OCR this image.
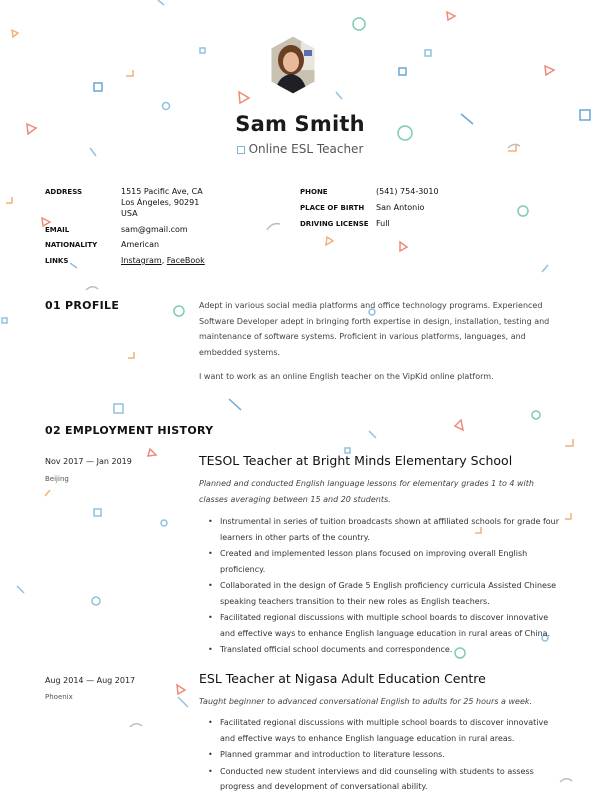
Sam Smith
Online ESL Teacher
ADDRESS	1515 Pacific Ave, CA
Los Ángeles, 90291
USA
EMAIL	sam@gmail.com
NATIONALITY	American
LINKS	Instagram, FaceBook
PHONE	(541) 754-3010
PLACE OF BIRTH San Antonio
DRIVING LICENSE Full
01 PROFILE	Adept in various social media platforms and office technology programs. Experienced Software Developer adept in bringing forth expertise in design, installation, testing and maintenance of software systems. Proficient in various platforms, languages, and embedded systems.
I want to work as an online English teacher on the VipKid online platform.
02 EMPLOYMENT HISTORY
Nov 2017 — Jan 2019
Beijing
TESOL Teacher at Bright Minds Elementary School
Planned and conducted English language lessons for elementary grades 1 to 4 with classes averaging between 15 and 20 students.
• Instrumental in series of tuition broadcasts shown at affiliated schools for grade four learners in other parts of the country.
• Created and implemented lesson plans focused on improving overall English proficiency.
• Collaborated in the design of Grade 5 English proficiency curricula Assisted Chinese speaking teachers transition to their new roles as English teachers.
• Facilitated regional discussions with multiple school boards to discover innovative and effective ways to enhance English language education in rural areas of China.
• Translated official school documents and correspondence.
Aug 2014 — Aug 2017
Phoenix
ESL Teacher at Nigasa Adult Education Centre
Taught beginner to advanced conversational English to adults for 25 hours a week.
• Facilitated regional discussions with multiple school boards to discover innovative and effective ways to enhance English language education in rural areas.
• Planned grammar and introduction to literature lessons.
• Conducted new student interviews and did counseling with students to assess progress and development of conversational ability.
